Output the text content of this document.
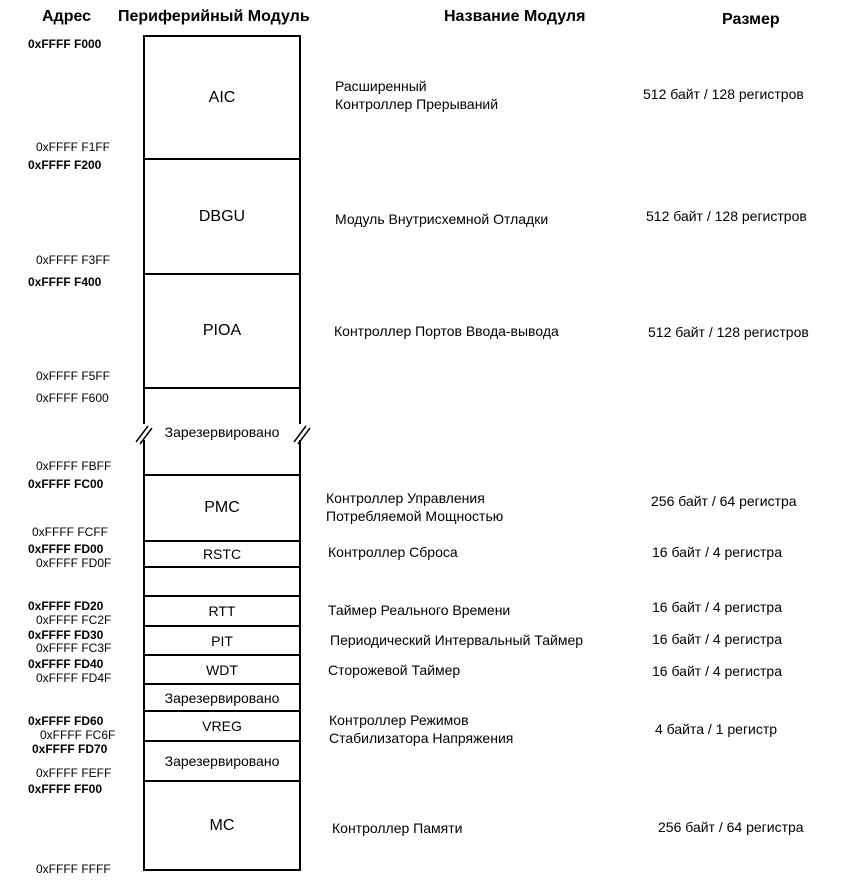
Адрес Периферийный Модуль	Название Модуля	Размер
0xFFFF F000
0xFFFF F1FF
0xFFFF F200
0xFFFF F3FF
0xFFFF F400
0xFFFF F5FF
0xFFFF F600
0xFFFF FBFF
0xFFFF FC00
0xFFFF FCFF
0xFFFF FD00
0xFFFF FD0F
0xFFFF FD20
0xFFFF FC2F
0xFFFF FD30
0xFFFF FC3F
0xFFFF FD40
0xFFFF FD4F
0xFFFF FD60
0xFFFF FC6F
0xFFFF FD70
0xFFFF FEFF
0xFFFF FF00
0xFFFF FFFF
AIC
DBGU
PIOA
Зарезервировано
PMC
RSTC
RTT
PIT
WDT
Зарезервировано
VREG
Зарезервировано
MC
Расширенный
Контроллер Прерываний
Модуль Внутрисхемной Отладки
Контроллер Портов Ввода-вывода
Контроллер Управления
Потребляемой Мощностью
Контроллер Сброса
Таймер Реального Времени
Периодический Интервальный Таймер
Сторожевой Таймер
Контроллер Режимов
Стабилизатора Напряжения
Контроллер Памяти
512 байт / 128 регистров
512 байт / 128 регистров
512 байт / 128 регистров
256 байт / 64 регистра
16 байт / 4 регистра
16 байт / 4 регистра
16 байт / 4 регистра
16 байт / 4 регистра
4 байта / 1 регистр
256 байт / 64 регистра
